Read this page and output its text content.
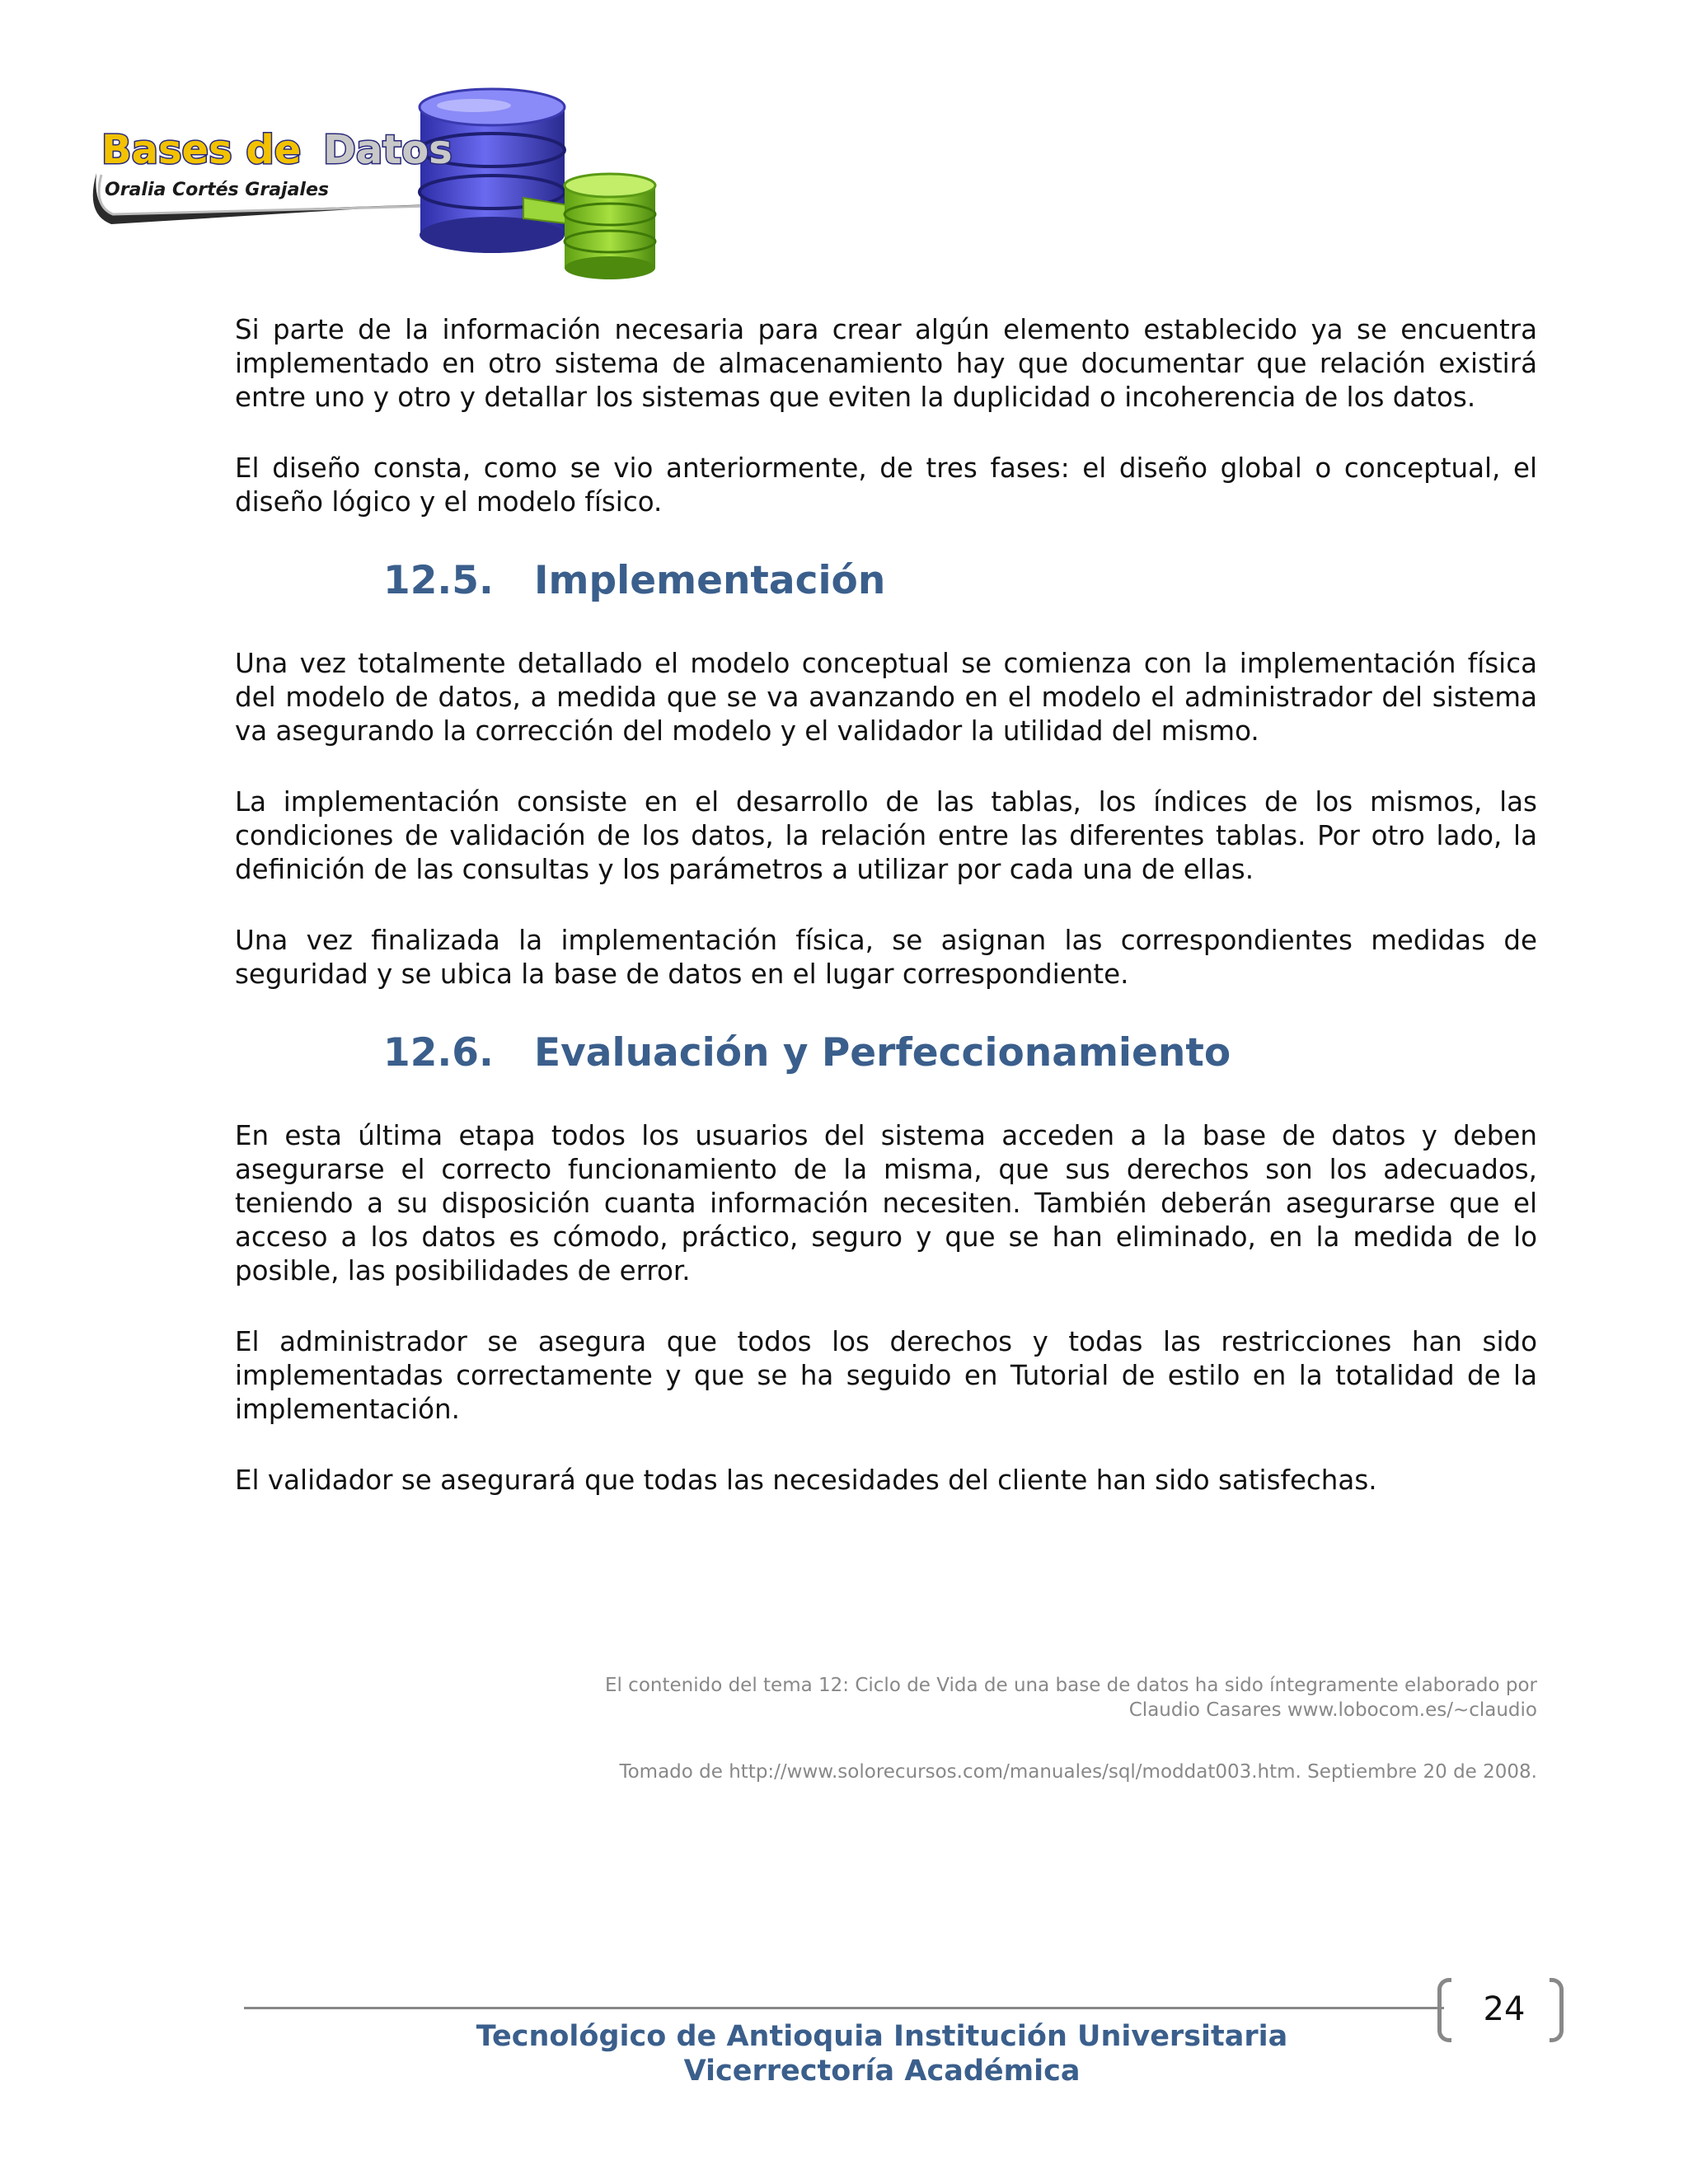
Bases de Datos
Oralia Cortés Grajales

Si parte de la información necesaria para crear algún elemento establecido ya se encuentra implementado en otro sistema de almacenamiento hay que documentar que relación existirá entre uno y otro y detallar los sistemas que eviten la duplicidad o incoherencia de los datos.

El diseño consta, como se vio anteriormente, de tres fases: el diseño global o conceptual, el diseño lógico y el modelo físico.

12.5. Implementación

Una vez totalmente detallado el modelo conceptual se comienza con la implementación física del modelo de datos, a medida que se va avanzando en el modelo el administrador del sistema va asegurando la corrección del modelo y el validador la utilidad del mismo.

La implementación consiste en el desarrollo de las tablas, los índices de los mismos, las condiciones de validación de los datos, la relación entre las diferentes tablas. Por otro lado, la definición de las consultas y los parámetros a utilizar por cada una de ellas.

Una vez finalizada la implementación física, se asignan las correspondientes medidas de seguridad y se ubica la base de datos en el lugar correspondiente.

12.6. Evaluación y Perfeccionamiento

En esta última etapa todos los usuarios del sistema acceden a la base de datos y deben asegurarse el correcto funcionamiento de la misma, que sus derechos son los adecuados, teniendo a su disposición cuanta información necesiten. También deberán asegurarse que el acceso a los datos es cómodo, práctico, seguro y que se han eliminado, en la medida de lo posible, las posibilidades de error.

El administrador se asegura que todos los derechos y todas las restricciones han sido implementadas correctamente y que se ha seguido en Tutorial de estilo en la totalidad de la implementación.

El validador se asegurará que todas las necesidades del cliente han sido satisfechas.

El contenido del tema 12: Ciclo de Vida de una base de datos ha sido íntegramente elaborado por
Claudio Casares www.lobocom.es/~claudio

Tomado de http://www.solorecursos.com/manuales/sql/moddat003.htm. Septiembre 20 de 2008.

24
Tecnológico de Antioquia Institución Universitaria
Vicerrectoría Académica
